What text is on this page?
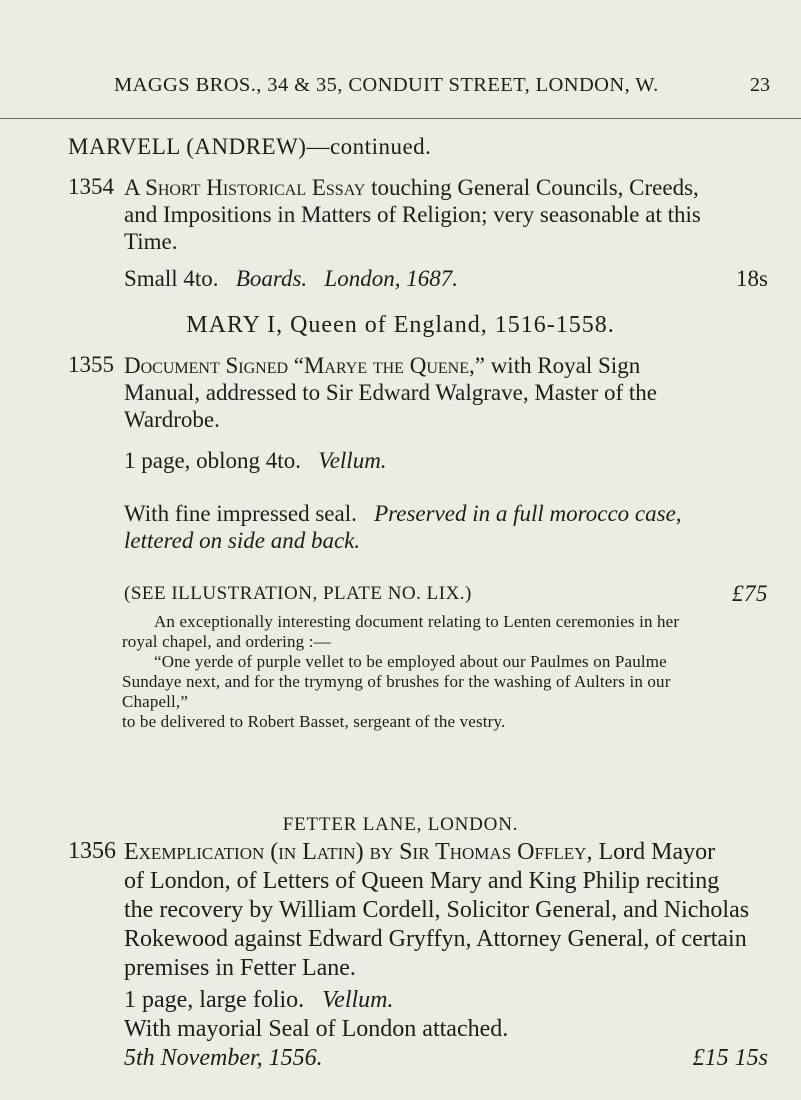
MAGGS BROS., 34 & 35, CONDUIT STREET, LONDON, W.	23
MARVELL (ANDREW)—continued.
1354 A Short Historical Essay touching General Councils, Creeds,
and Impositions in Matters of Religion; very seasonable at this
Time.
Small 4to. Boards. London, 1687.	18s
MARY I, Queen of England, 1516-1558.
1355 Document Signed “Marye the Quene,” with Royal Sign
Manual, addressed to Sir Edward Walgrave, Master of the
Wardrobe.
1 page, oblong 4to. Vellum.
With fine impressed seal. Preserved in a full morocco case,
lettered on side and back.
(SEE ILLUSTRATION, PLATE NO. LIX.)	£75

An exceptionally interesting document relating to Lenten ceremonies in her

royal chapel, and ordering :—

“One yerde of purple vellet to be employed about our Paulmes on Paulme

Sundaye next, and for the trymyng of brushes for the washing of Aulters in our

Chapell,”

to be delivered to Robert Basset, sergeant of the vestry.

FETTER LANE, LONDON.
1356 Exemplication (in Latin) by Sir Thomas Offley, Lord Mayor
of London, of Letters of Queen Mary and King Philip reciting
the recovery by William Cordell, Solicitor General, and Nicholas
Rokewood against Edward Gryffyn, Attorney General, of certain
premises in Fetter Lane.
1 page, large folio. Vellum.
With mayorial Seal of London attached.
5th November, 1556.	£15 15s
